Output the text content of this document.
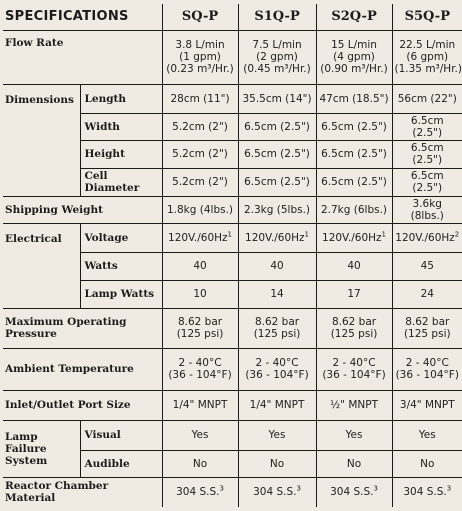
SPECIFICATIONS		SQ-P	S1Q-P	S2Q-P	S5Q-P
Flow Rate		3.8 L/min
(1 gpm)
(0.23 m³/Hr.)	7.5 L/min
(2 gpm)
(0.45 m³/Hr.)	15 L/min
(4 gpm)
(0.90 m³/Hr.)	22.5 L/min
(6 gpm)
(1.35 m³/Hr.)

Dimensions	Length	28cm (11")	35.5cm (14")	47cm (18.5")	56cm (22")
	Width	5.2cm (2")	6.5cm (2.5")	6.5cm (2.5")	6.5cm (2.5")
	Height	5.2cm (2")	6.5cm (2.5")	6.5cm (2.5")	6.5cm (2.5")
	Cell Diameter	5.2cm (2")	6.5cm (2.5")	6.5cm (2.5")	6.5cm (2.5")
Shipping Weight		1.8kg (4lbs.)	2.3kg (5lbs.)	2.7kg (6lbs.)	3.6kg (8lbs.)
Electrical	Voltage	120V./60Hz$^1$	120V./60Hz$^1$	120V./60Hz$^1$	120V./60Hz$^2$
	Watts	40	40	40	45
	Lamp Watts	10	14	17	24

Maximum Operating
Pressure		8.62 bar
(125 psi)	8.62 bar
(125 psi)	8.62 bar
(125 psi)	8.62 bar
(125 psi)

Ambient Temperature		2 - 40°C
(36 - 104°F)	2 - 40°C
(36 - 104°F)	2 - 40°C
(36 - 104°F)	2 - 40°C
(36 - 104°F)

Inlet/Outlet Port Size		1/4" MNPT	1/4" MNPT	½" MNPT	3/4" MNPT

Lamp
Failure
System	Visual	Yes	Yes	Yes	Yes
	Audible	No	No	No	No
Reactor Chamber Material		304 S.S.$^3$	304 S.S.$^3$	304 S.S.$^3$	304 S.S.$^3$
